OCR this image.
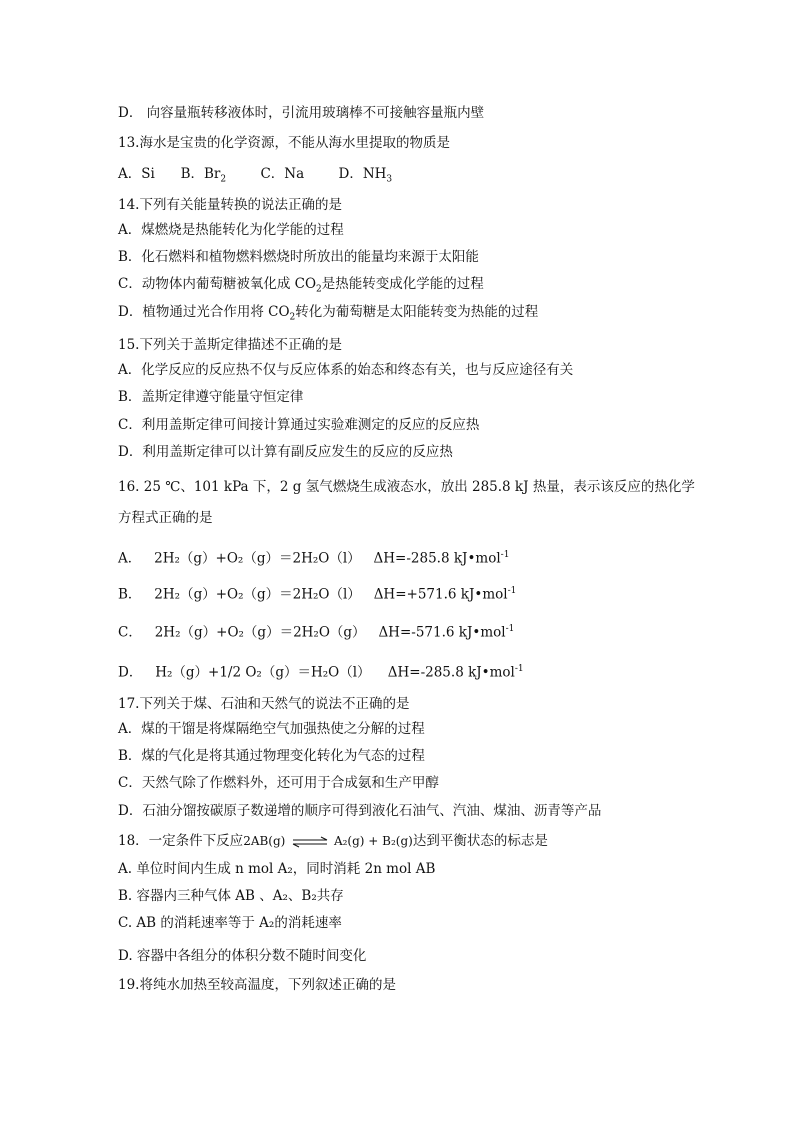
D． 向容量瓶转移液体时，引流用玻璃棒不可接触容量瓶内壁
13.海水是宝贵的化学资源，不能从海水里提取的物质是
A．Si B．$Br_2$	C．Na	D．$NH_3$
14.下列有关能量转换的说法正确的是
A．煤燃烧是热能转化为化学能的过程
B．化石燃料和植物燃料燃烧时所放出的能量均来源于太阳能
C．动物体内葡萄糖被氧化成 $CO_2$是热能转变成化学能的过程
D．植物通过光合作用将 $CO_2$转化为葡萄糖是太阳能转变为热能的过程
15.下列关于盖斯定律描述不正确的是
A．化学反应的反应热不仅与反应体系的始态和终态有关，也与反应途径有关
B．盖斯定律遵守能量守恒定律
C．利用盖斯定律可间接计算通过实验难测定的反应的反应热
D．利用盖斯定律可以计算有副反应发生的反应的反应热
16. 25 ℃、101 kPa 下，2 g 氢气燃烧生成液态水，放出 285.8 kJ 热量，表示该反应的热化学
方程式正确的是
A． 2H₂（g）+O₂（g）＝2H₂O（l） ΔH=-285.8 kJ•mol$^{-1}$
B． 2H₂（g）+O₂（g）＝2H₂O（l） ΔH=+571.6 kJ•mol$^{-1}$
C． 2H₂（g）+O₂（g）＝2H₂O（g） ΔH=-571.6 kJ•mol$^{-1}$
D． H₂（g）+1/2 O₂（g）＝H₂O（l） ΔH=-285.8 kJ•mol$^{-1}$
17.下列关于煤、石油和天然气的说法不正确的是
A．煤的干馏是将煤隔绝空气加强热使之分解的过程
B．煤的气化是将其通过物理变化转化为气态的过程
C．天然气除了作燃料外，还可用于合成氨和生产甲醇
D．石油分馏按碳原子数递增的顺序可得到液化石油气、汽油、煤油、沥青等产品
18．一定条件下反应2AB(g) ⇌ A₂(g) + B₂(g)达到平衡状态的标志是
A. 单位时间内生成 n mol A₂，同时消耗 2n mol AB
B. 容器内三种气体 AB 、A₂、B₂共存
C. AB 的消耗速率等于 A₂的消耗速率
D. 容器中各组分的体积分数不随时间变化
19.将纯水加热至较高温度，下列叙述正确的是
